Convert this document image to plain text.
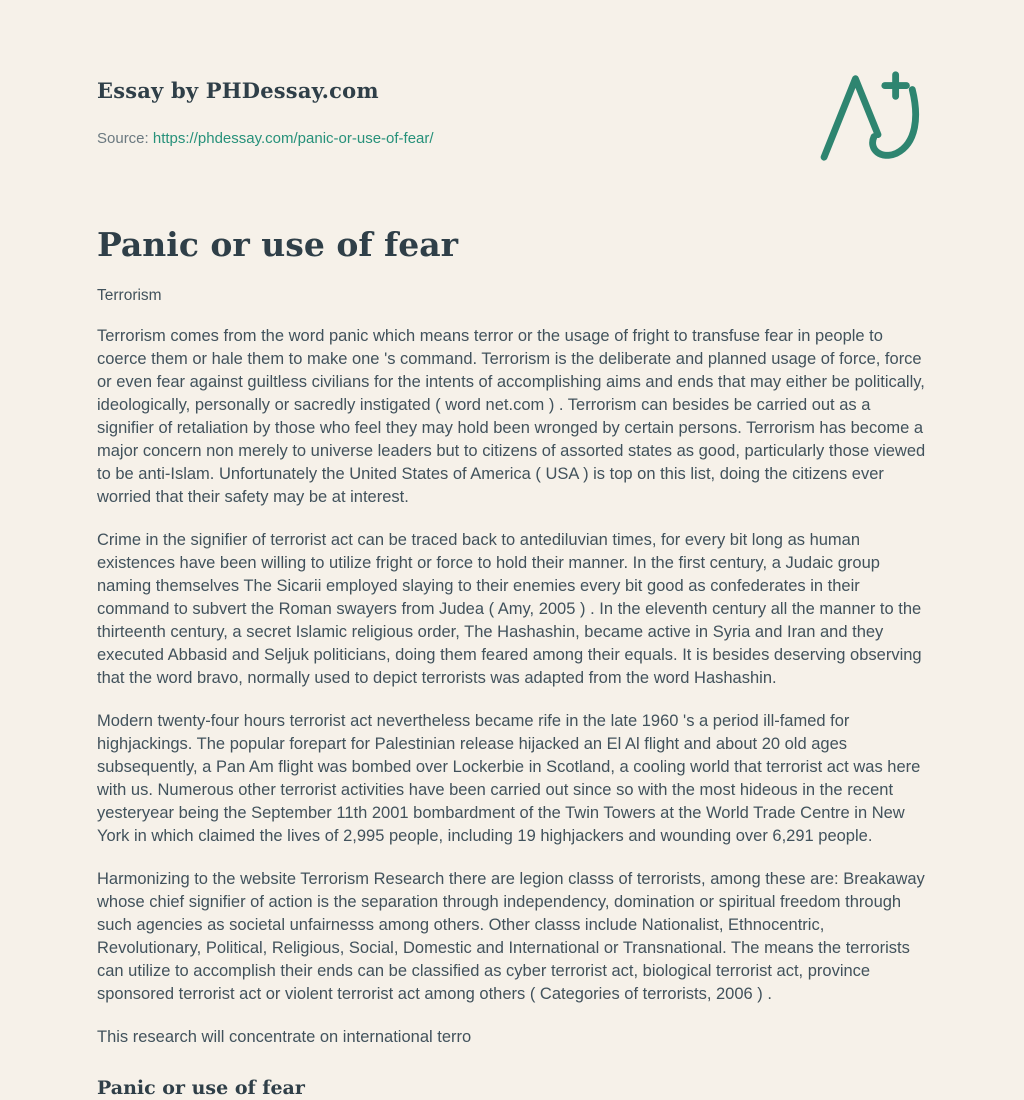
Essay by PHDessay.com
Source: https://phdessay.com/panic-or-use-of-fear/
Panic or use of fear
Terrorism

Terrorism comes from the word panic which means terror or the usage of fright to transfuse fear in people to coerce them or hale them to make one 's command. Terrorism is the deliberate and planned usage of force, force or even fear against guiltless civilians for the intents of accomplishing aims and ends that may either be politically, ideologically, personally or sacredly instigated ( word net.com ) . Terrorism can besides be carried out as a signifier of retaliation by those who feel they may hold been wronged by certain persons. Terrorism has become a major concern non merely to universe leaders but to citizens of assorted states as good, particularly those viewed to be anti-Islam. Unfortunately the United States of America ( USA ) is top on this list, doing the citizens ever worried that their safety may be at interest.

Crime in the signifier of terrorist act can be traced back to antediluvian times, for every bit long as human existences have been willing to utilize fright or force to hold their manner. In the first century, a Judaic group naming themselves The Sicarii employed slaying to their enemies every bit good as confederates in their command to subvert the Roman swayers from Judea ( Amy, 2005 ) . In the eleventh century all the manner to the thirteenth century, a secret Islamic religious order, The Hashashin, became active in Syria and Iran and they executed Abbasid and Seljuk politicians, doing them feared among their equals. It is besides deserving observing that the word bravo, normally used to depict terrorists was adapted from the word Hashashin.

Modern twenty-four hours terrorist act nevertheless became rife in the late 1960 's a period ill-famed for highjackings. The popular forepart for Palestinian release hijacked an El Al flight and about 20 old ages subsequently, a Pan Am flight was bombed over Lockerbie in Scotland, a cooling world that terrorist act was here with us. Numerous other terrorist activities have been carried out since so with the most hideous in the recent yesteryear being the September 11th 2001 bombardment of the Twin Towers at the World Trade Centre in New York in which claimed the lives of 2,995 people, including 19 highjackers and wounding over 6,291 people.

Harmonizing to the website Terrorism Research there are legion classs of terrorists, among these are: Breakaway whose chief signifier of action is the separation through independency, domination or spiritual freedom through such agencies as societal unfairnesss among others. Other classs include Nationalist, Ethnocentric, Revolutionary, Political, Religious, Social, Domestic and International or Transnational. The means the terrorists can utilize to accomplish their ends can be classified as cyber terrorist act, biological terrorist act, province sponsored terrorist act or violent terrorist act among others ( Categories of terrorists, 2006 ) .

This research will concentrate on international terro

Panic or use of fear
